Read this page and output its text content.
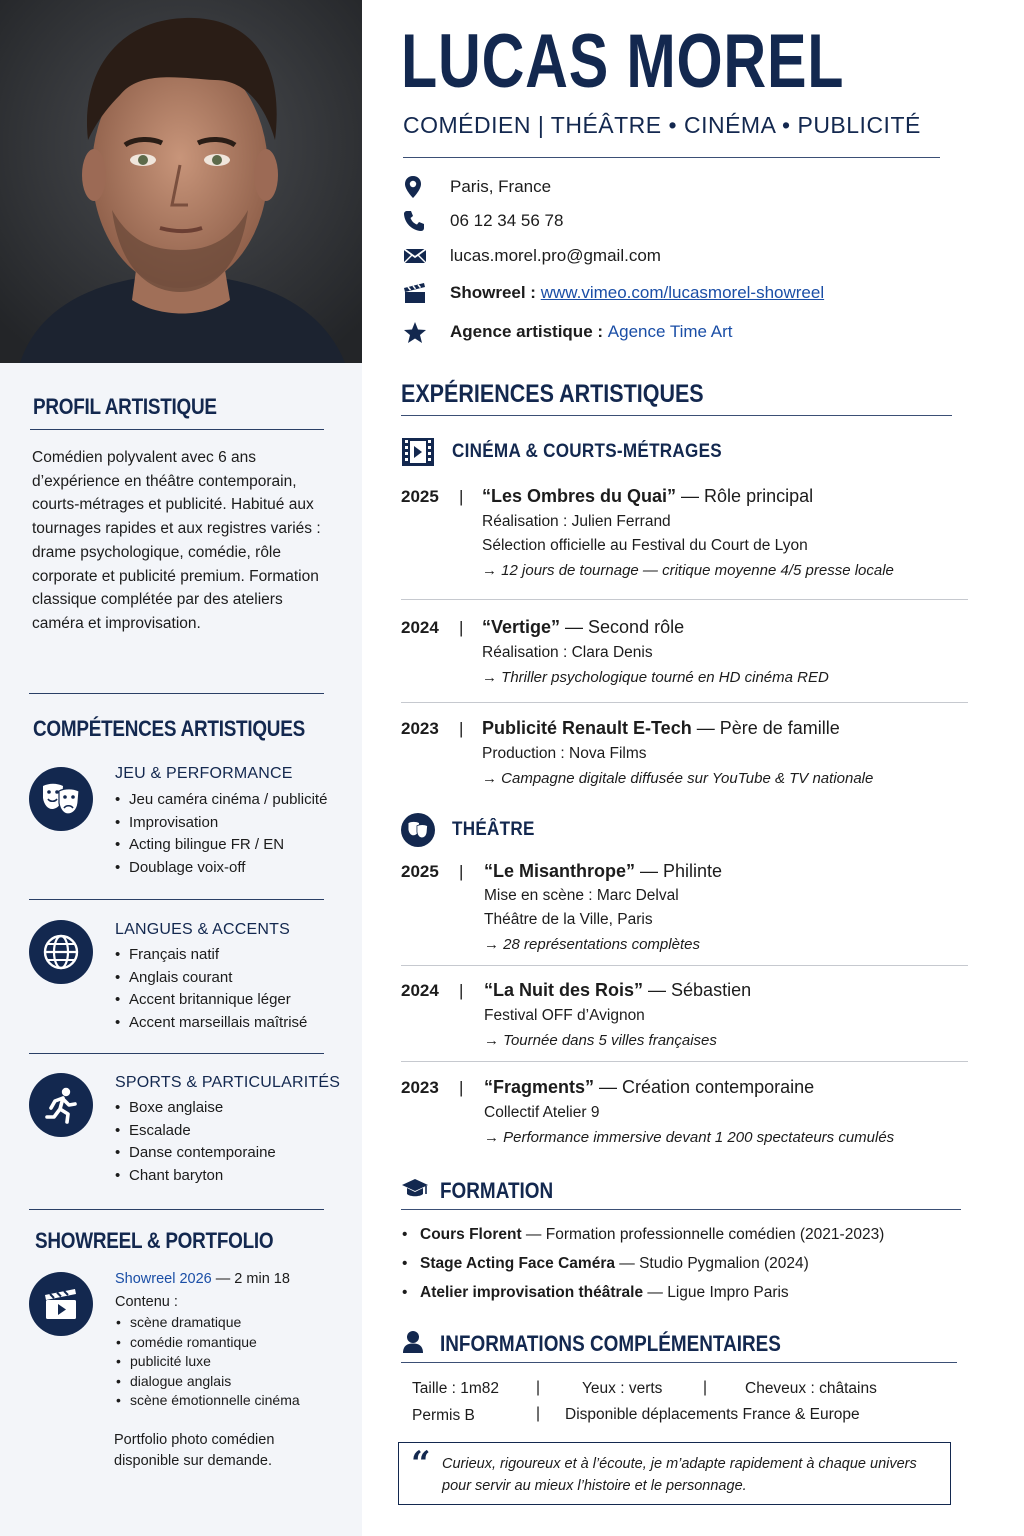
PROFIL ARTISTIQUE
Comédien polyvalent avec 6 ans d’expérience en théâtre contemporain, courts-métrages et publicité. Habitué aux tournages rapides et aux registres variés : drame psychologique, comédie, rôle corporate et publicité premium. Formation classique complétée par des ateliers caméra et improvisation.
COMPÉTENCES ARTISTIQUES
JEU & PERFORMANCE
• Jeu caméra cinéma / publicité
• Improvisation
• Acting bilingue FR / EN
• Doublage voix-off
LANGUES & ACCENTS
• Français natif
• Anglais courant
• Accent britannique léger
• Accent marseillais maîtrisé
SPORTS & PARTICULARITÉS
• Boxe anglaise
• Escalade
• Danse contemporaine
• Chant baryton
SHOWREEL & PORTFOLIO
Showreel 2026 — 2 min 18
Contenu :
• scène dramatique
• comédie romantique
• publicité luxe
• dialogue anglais
• scène émotionnelle cinéma
Portfolio photo comédien
disponible sur demande.
LUCAS MOREL
COMÉDIEN | THÉÂTRE • CINÉMA • PUBLICITÉ
Paris, France
06 12 34 56 78
lucas.morel.pro@gmail.com
Showreel :
www.vimeo.com/lucasmorel-showreel
Agence artistique :
Agence Time Art
EXPÉRIENCES ARTISTIQUES
CINÉMA & COURTS-MÉTRAGES
2025 | “Les Ombres du Quai” — Rôle principal
Réalisation : Julien Ferrand
Sélection officielle au Festival du Court de Lyon
→ 12 jours de tournage — critique moyenne 4/5 presse locale
2024 | “Vertige” — Second rôle
Réalisation : Clara Denis
→ Thriller psychologique tourné en HD cinéma RED
2023 | Publicité Renault E-Tech — Père de famille
Production : Nova Films
→ Campagne digitale diffusée sur YouTube & TV nationale
THÉÂTRE
2025 | “Le Misanthrope” — Philinte
Mise en scène : Marc Delval
Théâtre de la Ville, Paris
→ 28 représentations complètes
2024 | “La Nuit des Rois” — Sébastien
Festival OFF d’Avignon
→ Tournée dans 5 villes françaises
2023 | “Fragments” — Création contemporaine
Collectif Atelier 9
→ Performance immersive devant 1 200 spectateurs cumulés
FORMATION
• Cours Florent — Formation professionnelle comédien (2021-2023)
• Stage Acting Face Caméra — Studio Pygmalion (2024)
• Atelier improvisation théâtrale — Ligue Impro Paris
INFORMATIONS COMPLÉMENTAIRES
Taille : 1m82 |	Yeux : verts	| Cheveux : châtains
Permis B	| Disponible déplacements France & Europe
“ Curieux, rigoureux et à l’écoute, je m’adapte rapidement à chaque univers pour servir au mieux l’histoire et le personnage.
